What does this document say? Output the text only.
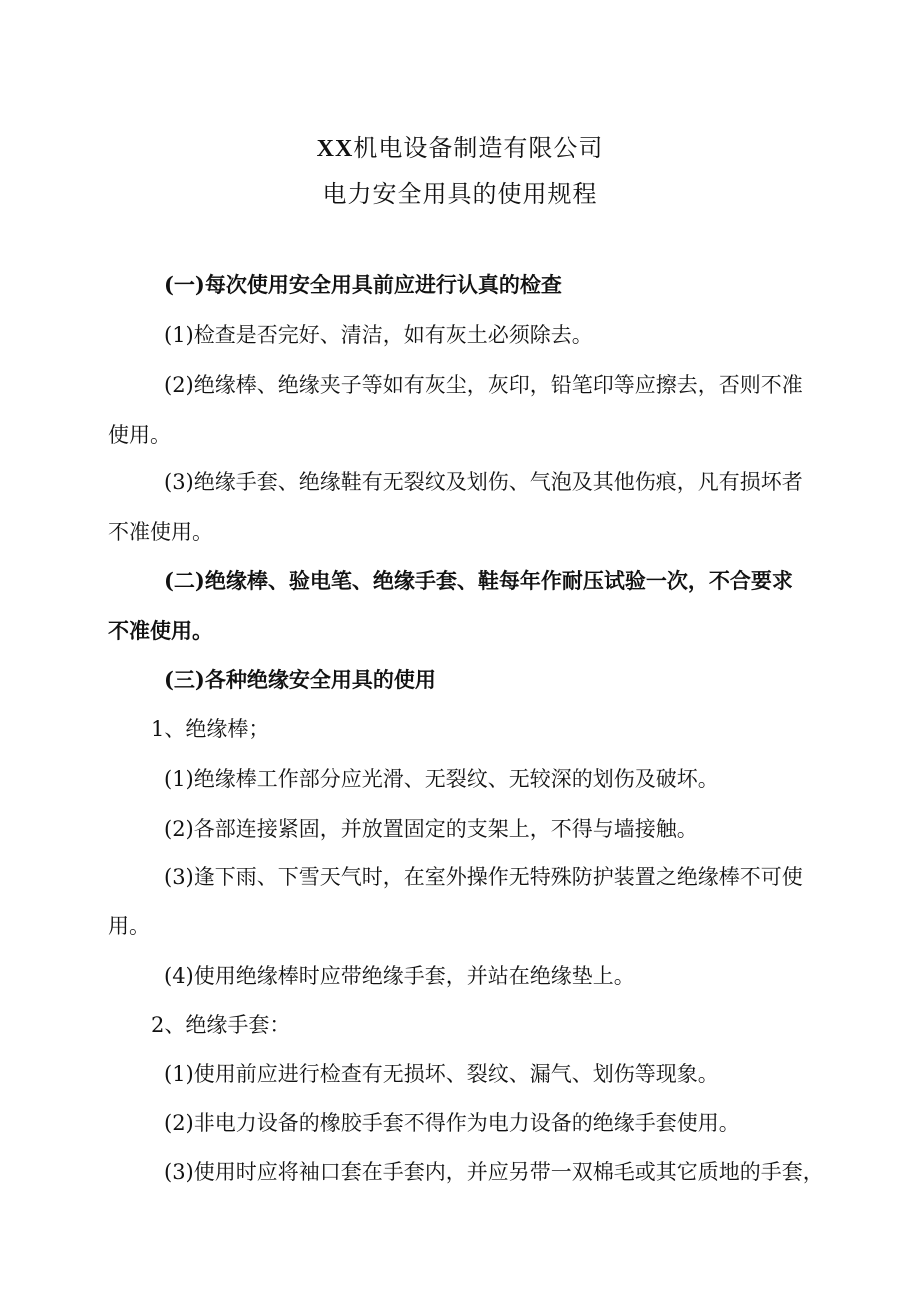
XX机电设备制造有限公司
电力安全用具的使用规程
(一)每次使用安全用具前应进行认真的检查
(1)检查是否完好、清洁，如有灰土必须除去。
(2)绝缘棒、绝缘夹子等如有灰尘，灰印，铅笔印等应擦去，否则不准
使用。
(3)绝缘手套、绝缘鞋有无裂纹及划伤、气泡及其他伤痕，凡有损坏者
不准使用。
(二)绝缘棒、验电笔、绝缘手套、鞋每年作耐压试验一次，不合要求
不准使用。
(三)各种绝缘安全用具的使用
1、绝缘棒；
(1)绝缘棒工作部分应光滑、无裂纹、无较深的划伤及破坏。
(2)各部连接紧固，并放置固定的支架上，不得与墙接触。
(3)逢下雨、下雪天气时，在室外操作无特殊防护装置之绝缘棒不可使
用。
(4)使用绝缘棒时应带绝缘手套，并站在绝缘垫上。
2、绝缘手套：
(1)使用前应进行检查有无损坏、裂纹、漏气、划伤等现象。
(2)非电力设备的橡胶手套不得作为电力设备的绝缘手套使用。
(3)使用时应将袖口套在手套内，并应另带一双棉毛或其它质地的手套，
